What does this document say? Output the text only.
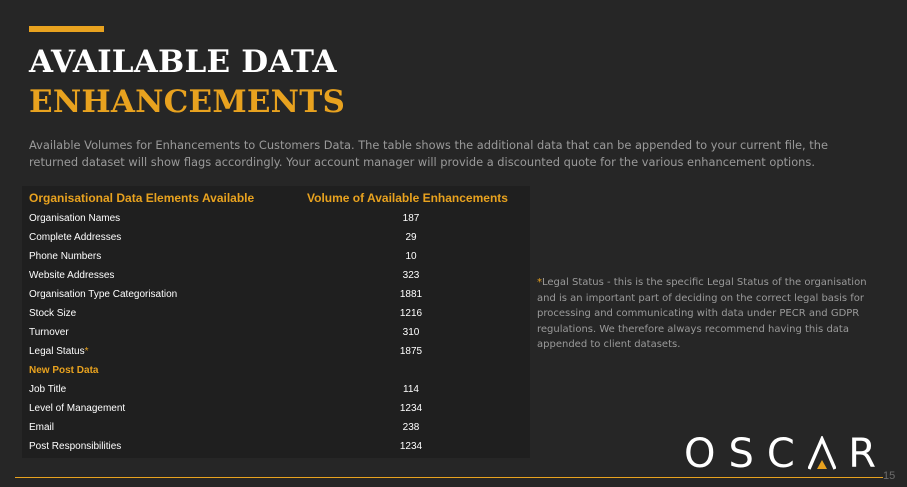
AVAILABLE DATA
ENHANCEMENTS
Available Volumes for Enhancements to Customers Data. The table shows the additional data that can be appended to your current file, the returned dataset will show flags accordingly. Your account manager will provide a discounted quote for the various enhancement options.
Organisational Data Elements Available	Volume of Available Enhancements
Organisation Names	187
Complete Addresses	29
Phone Numbers	10
Website Addresses	323
Organisation Type Categorisation	1881
Stock Size	1216
Turnover	310
Legal Status*	1875
New Post Data
Job Title	114
Level of Management	1234
Email	238
Post Responsibilities	1234
*Legal Status - this is the specific Legal Status of the organisation and is an important part of deciding on the correct legal basis for processing and communicating with data under PECR and GDPR regulations. We therefore always recommend having this data appended to client datasets.
OSC R
15
